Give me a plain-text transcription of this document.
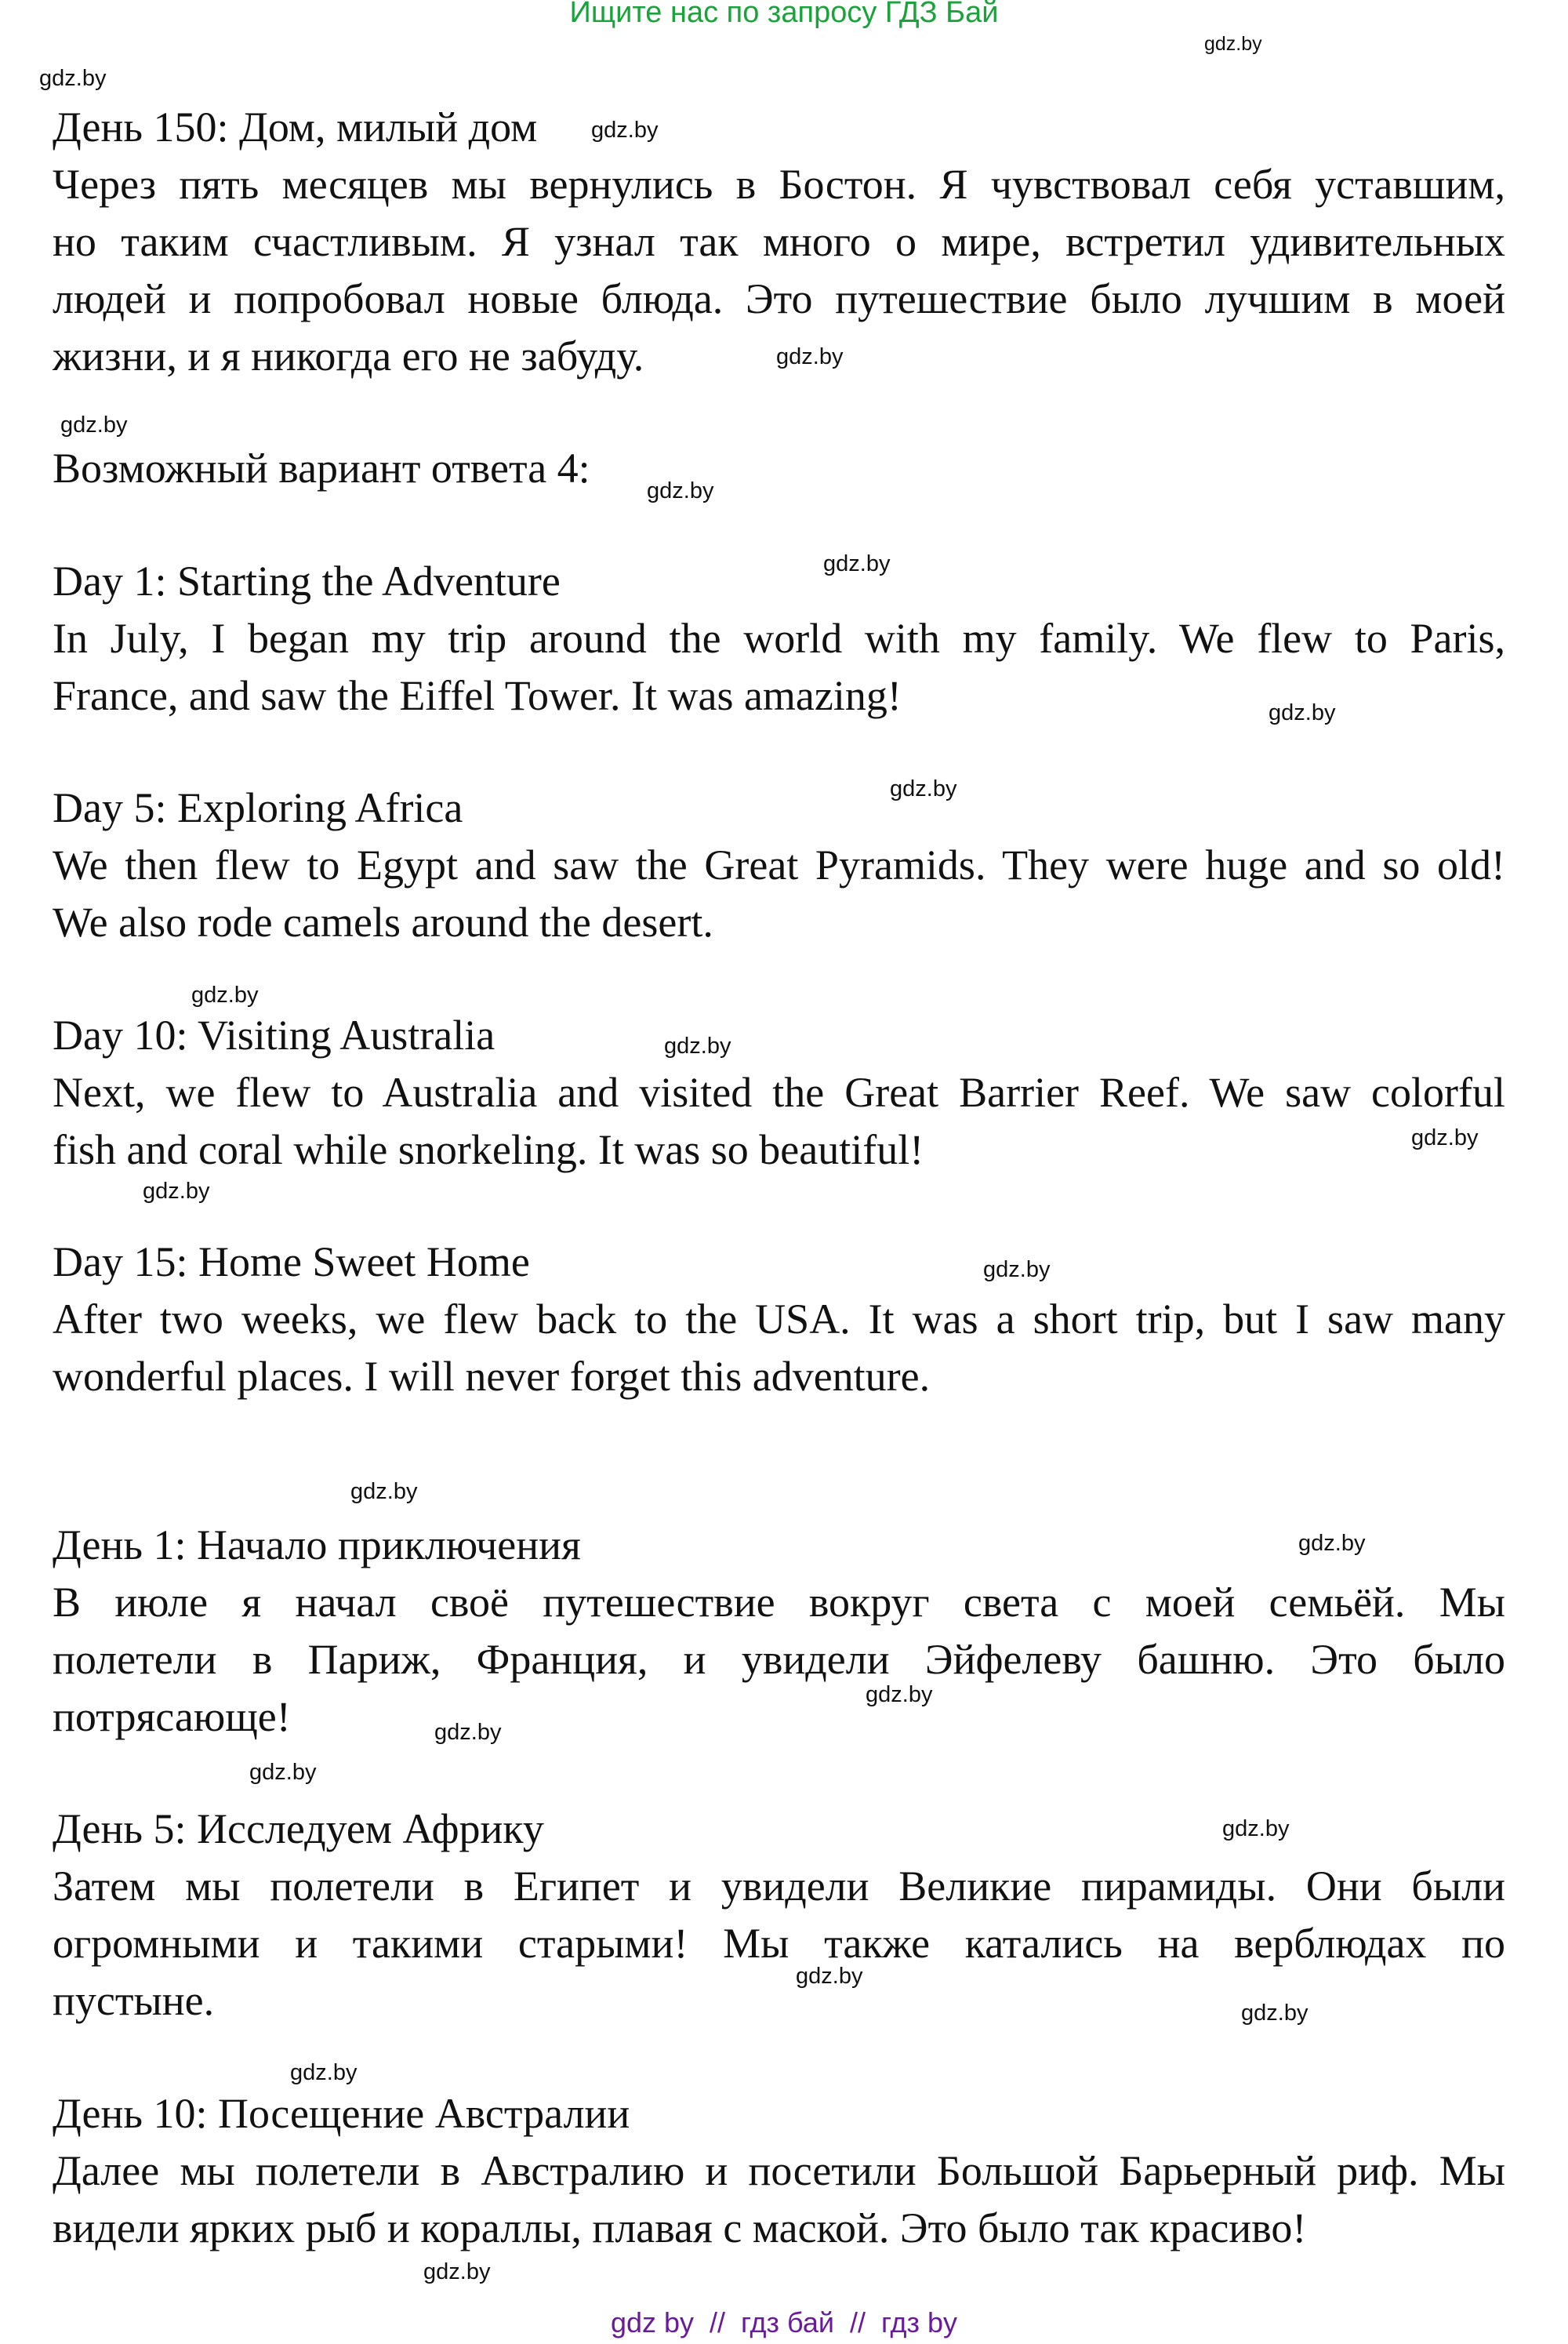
Ищите нас по запросу ГДЗ Бай
gdz.by
gdz.by
gdz.by
gdz.by
gdz.by
gdz.by
gdz.by
gdz.by
gdz.by
gdz.by
gdz.by
gdz.by
gdz.by
gdz.by
gdz.by
gdz.by
gdz.by
gdz.by
gdz.by
gdz.by
gdz.by
gdz.by
gdz.by
gdz.by
День 150: Дом, милый дом
Через пять месяцев мы вернулись в Бостон. Я чувствовал себя уставшим,
но таким счастливым. Я узнал так много о мире, встретил удивительных
людей и попробовал новые блюда. Это путешествие было лучшим в моей
жизни, и я никогда его не забуду.
Возможный вариант ответа 4:
Day 1: Starting the Adventure
In July, I began my trip around the world with my family. We flew to Paris,
France, and saw the Eiffel Tower. It was amazing!
Day 5: Exploring Africa
We then flew to Egypt and saw the Great Pyramids. They were huge and so old!
We also rode camels around the desert.
Day 10: Visiting Australia
Next, we flew to Australia and visited the Great Barrier Reef. We saw colorful
fish and coral while snorkeling. It was so beautiful!
Day 15: Home Sweet Home
After two weeks, we flew back to the USA. It was a short trip, but I saw many
wonderful places. I will never forget this adventure.
День 1: Начало приключения
В июле я начал своё путешествие вокруг света с моей семьёй. Мы
полетели в Париж, Франция, и увидели Эйфелеву башню. Это было
потрясающе!
День 5: Исследуем Африку
Затем мы полетели в Египет и увидели Великие пирамиды. Они были
огромными и такими старыми! Мы также катались на верблюдах по
пустыне.
День 10: Посещение Австралии
Далее мы полетели в Австралию и посетили Большой Барьерный риф. Мы
видели ярких рыб и кораллы, плавая с маской. Это было так красиво!
gdz by  //  гдз бай  //  гдз by
